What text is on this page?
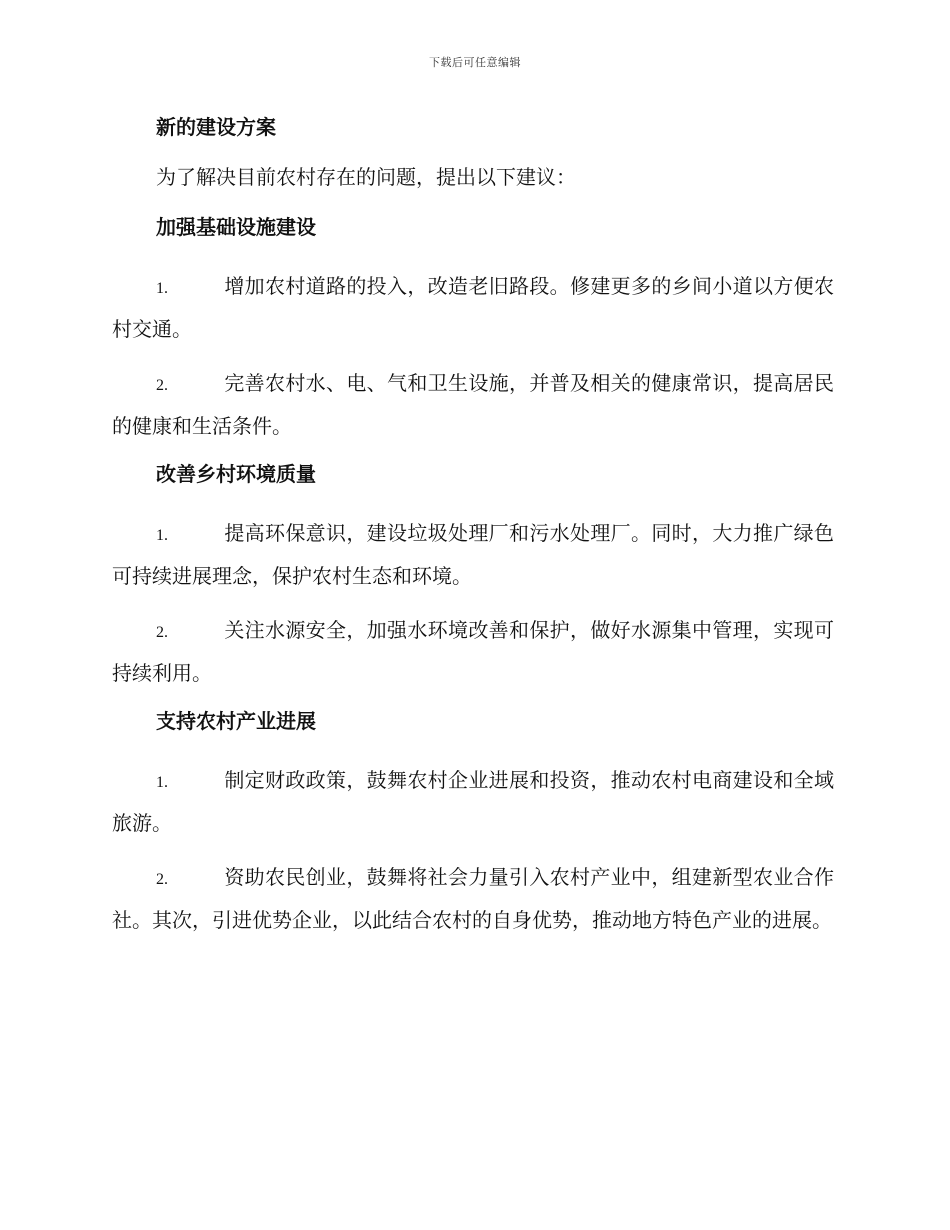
下载后可任意编辑
新的建设方案

为了解决目前农村存在的问题，提出以下建议：

加强基础设施建设

1.	增加农村道路的投入，改造老旧路段。修建更多的乡间小道以方便农村交通。

2.	完善农村水、电、气和卫生设施，并普及相关的健康常识，提高居民的健康和生活条件。

改善乡村环境质量

1.	提高环保意识，建设垃圾处理厂和污水处理厂。同时，大力推广绿色可持续进展理念，保护农村生态和环境。

2.	关注水源安全，加强水环境改善和保护，做好水源集中管理，实现可持续利用。

支持农村产业进展

1.	制定财政政策，鼓舞农村企业进展和投资，推动农村电商建设和全域旅游。

2.	资助农民创业，鼓舞将社会力量引入农村产业中，组建新型农业合作社。其次，引进优势企业，以此结合农村的自身优势，推动地方特色产业的进展。
